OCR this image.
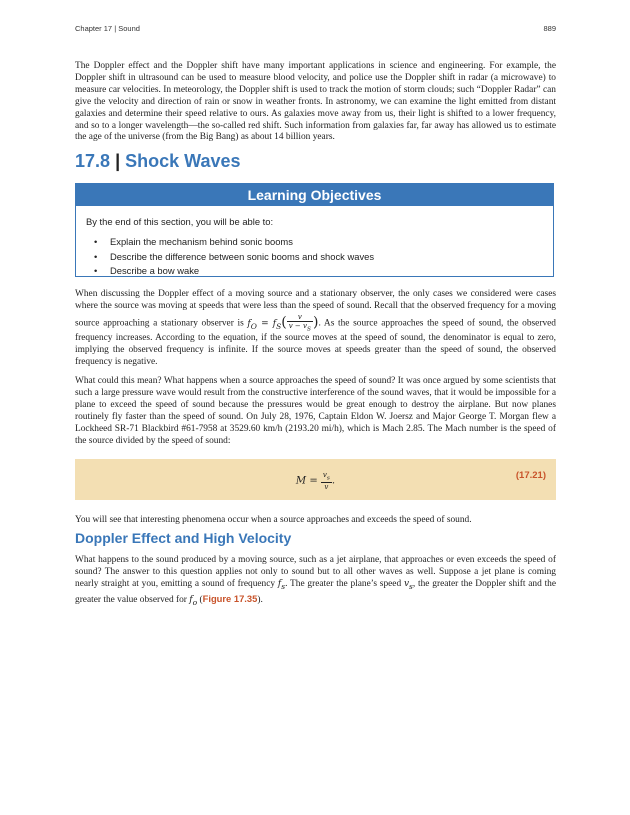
Chapter 17 | Sound	889

The Doppler effect and the Doppler shift have many important applications in science and engineering. For example, the Doppler shift in ultrasound can be used to measure blood velocity, and police use the Doppler shift in radar (a microwave) to measure car velocities. In meteorology, the Doppler shift is used to track the motion of storm clouds; such “Doppler Radar” can give the velocity and direction of rain or snow in weather fronts. In astronomy, we can examine the light emitted from distant galaxies and determine their speed relative to ours. As galaxies move away from us, their light is shifted to a lower frequency, and so to a longer wavelength—the so-called red shift. Such information from galaxies far, far away has allowed us to estimate the age of the universe (from the Big Bang) as about 14 billion years.

17.8 | Shock Waves
Learning Objectives
By the end of this section, you will be able to:
• Explain the mechanism behind sonic booms
• Describe the difference between sonic booms and shock waves
• Describe a bow wake

When discussing the Doppler effect of a moving source and a stationary observer, the only cases we considered were cases where the source was moving at speeds that were less than the speed of sound. Recall that the observed frequency for a moving source approaching a stationary observer is $f_O = f_S( \frac{v}{v - v_S}$ ). As the source approaches the speed of sound, the observed frequency increases. According to the equation, if the source moves at the speed of sound, the denominator is equal to zero, implying the observed frequency is infinite. If the source moves at speeds greater than the speed of sound, the observed frequency is negative.

What could this mean? What happens when a source approaches the speed of sound? It was once argued by some scientists that such a large pressure wave would result from the constructive interference of the sound waves, that it would be impossible for a plane to exceed the speed of sound because the pressures would be great enough to destroy the airplane. But now planes routinely fly faster than the speed of sound. On July 28, 1976, Captain Eldon W. Joersz and Major George T. Morgan flew a Lockheed SR-71 Blackbird #61-7958 at 3529.60 km/h (2193.20 mi/h), which is Mach 2.85. The Mach number is the speed of the source divided by the speed of sound:

$M = \frac{v_s}{v}$ .
(17.21)

You will see that interesting phenomena occur when a source approaches and exceeds the speed of sound.

Doppler Effect and High Velocity

What happens to the sound produced by a moving source, such as a jet airplane, that approaches or even exceeds the speed of sound? The answer to this question applies not only to sound but to all other waves as well. Suppose a jet plane is coming nearly straight at you, emitting a sound of frequency $f_s$. The greater the plane’s speed $v_s$, the greater the Doppler shift and the greater the value observed for $f_o$ (Figure 17.35).
